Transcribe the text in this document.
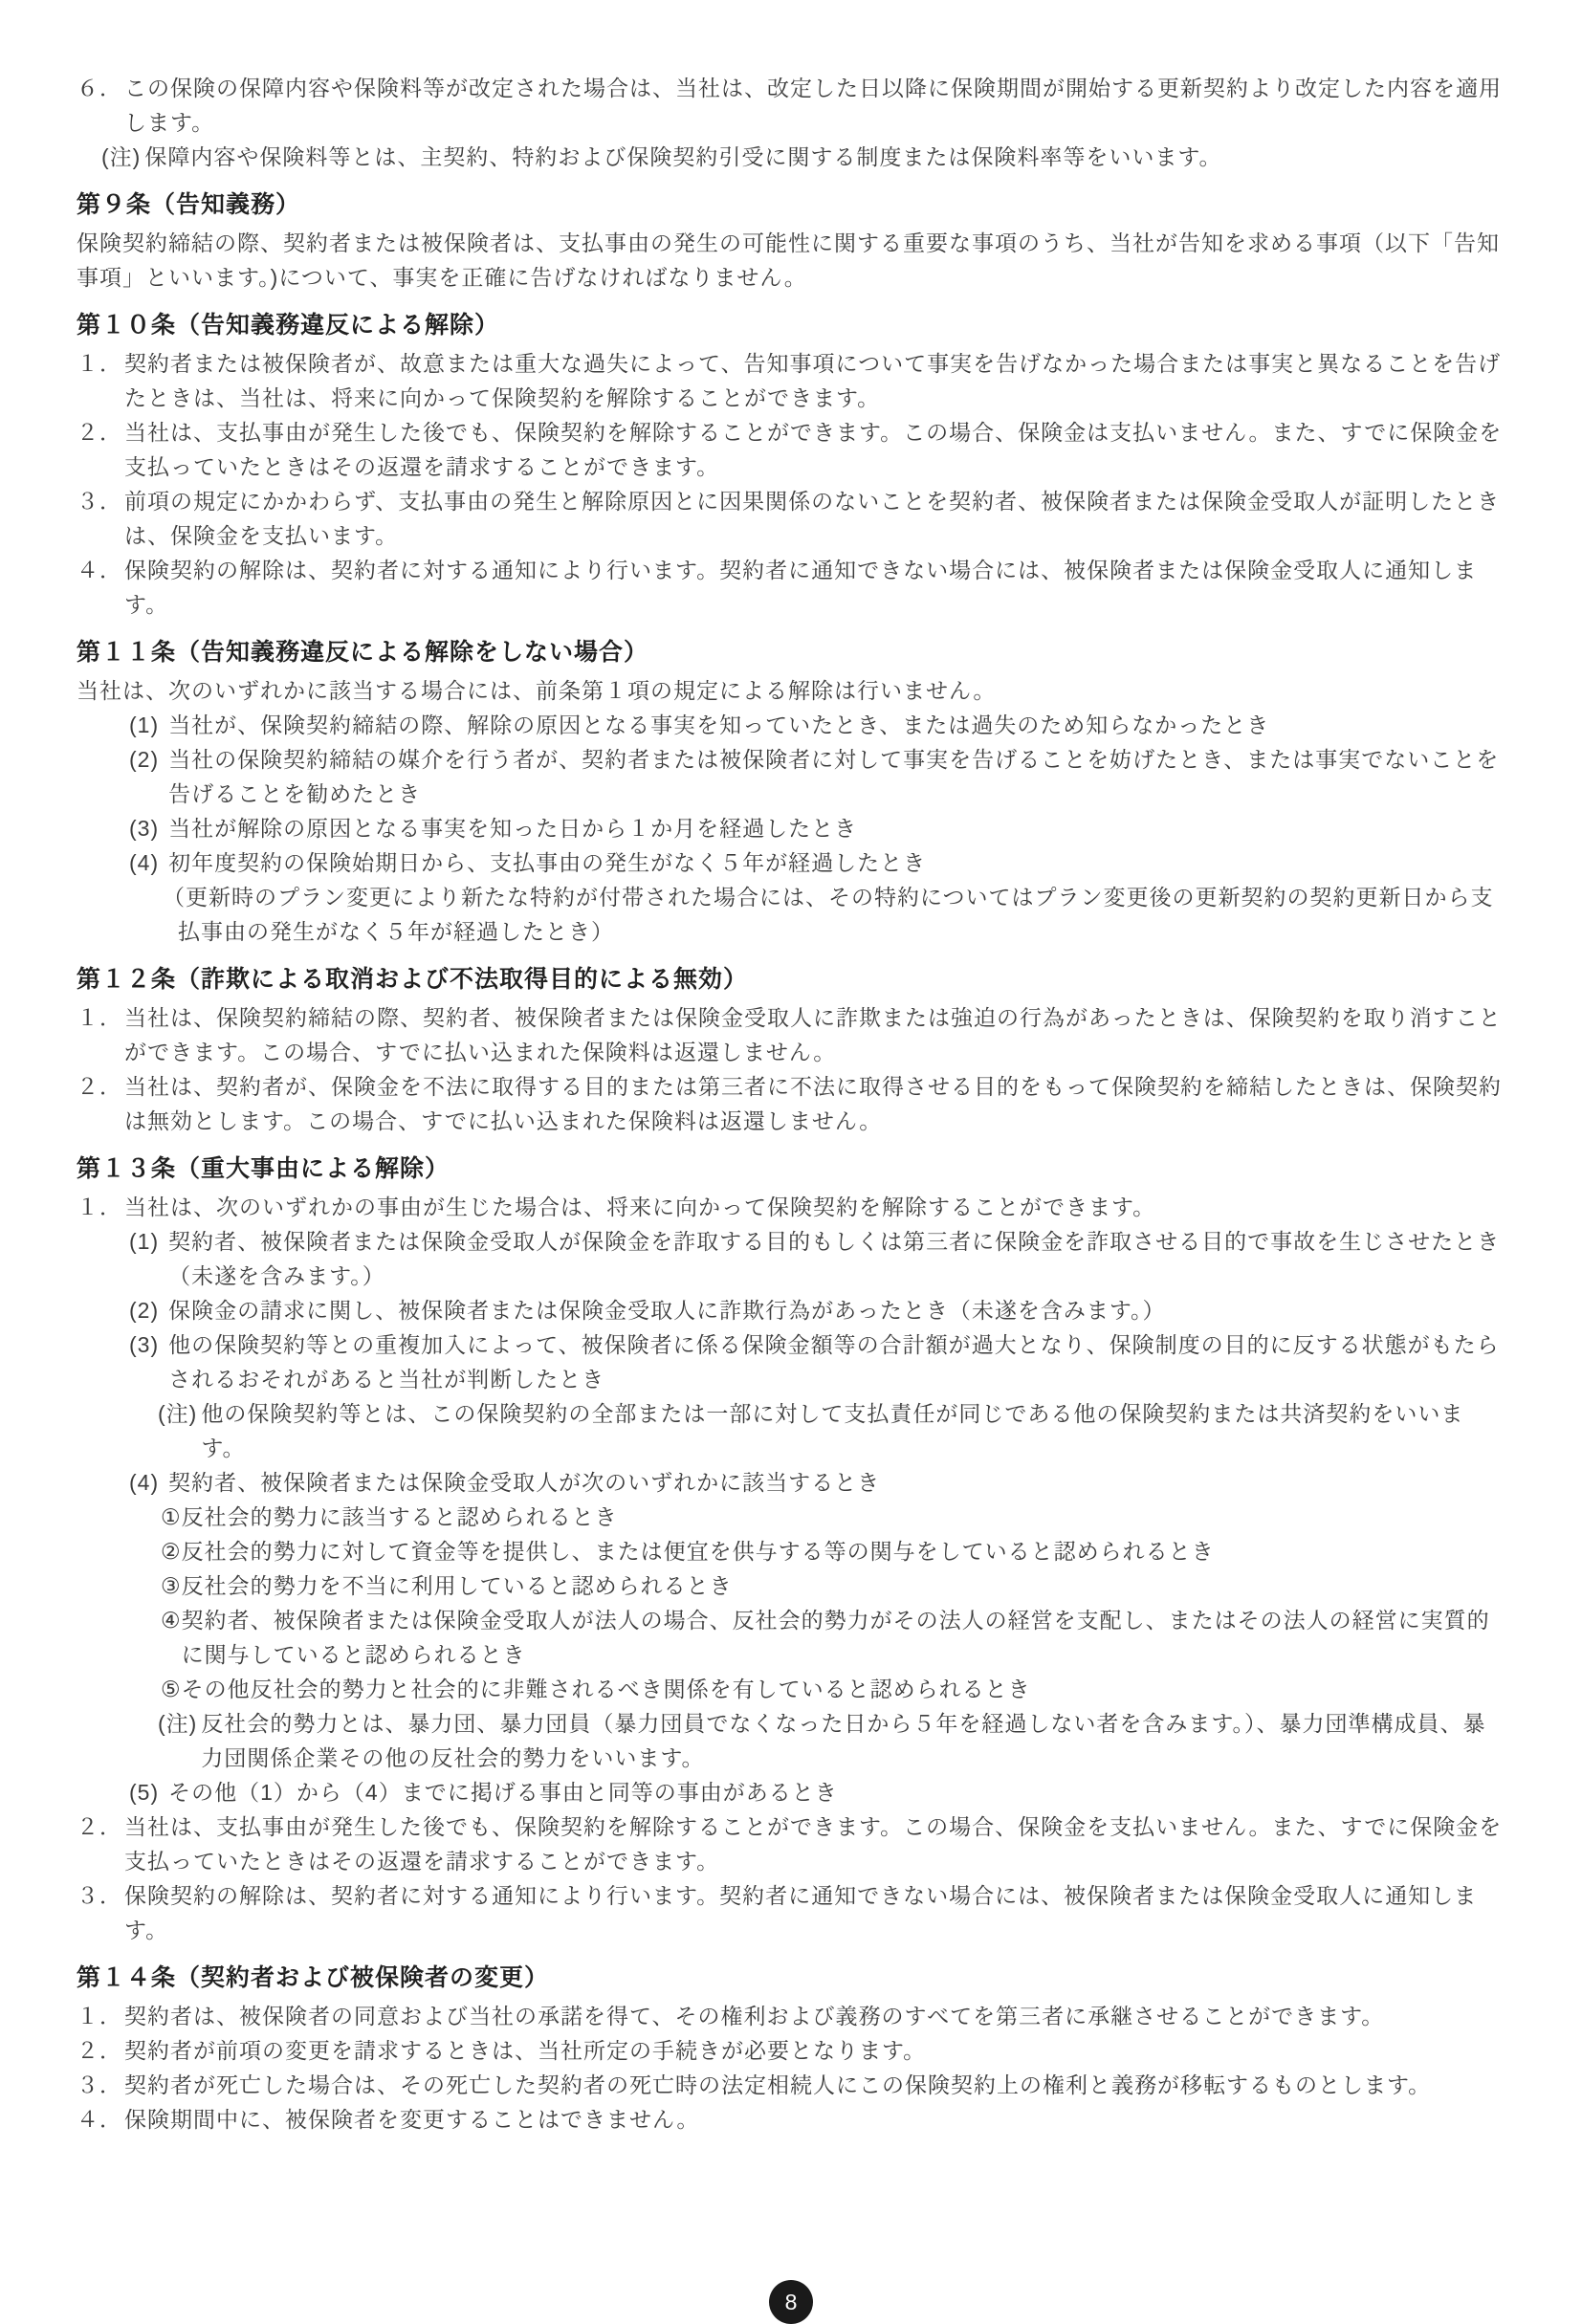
６． この保険の保障内容や保険料等が改定された場合は、当社は、改定した日以降に保険期間が開始する更新契約より改定した内容を適用します。
(注) 保障内容や保険料等とは、主契約、特約および保険契約引受に関する制度または保険料率等をいいます。
第９条（告知義務）
保険契約締結の際、契約者または被保険者は、支払事由の発生の可能性に関する重要な事項のうち、当社が告知を求める事項（以下「告知事項」といいます。)について、事実を正確に告げなければなりません。
第１０条（告知義務違反による解除）
１． 契約者または被保険者が、故意または重大な過失によって、告知事項について事実を告げなかった場合または事実と異なることを告げたときは、当社は、将来に向かって保険契約を解除することができます。
２． 当社は、支払事由が発生した後でも、保険契約を解除することができます。この場合、保険金は支払いません。また、すでに保険金を支払っていたときはその返還を請求することができます。
３． 前項の規定にかかわらず、支払事由の発生と解除原因とに因果関係のないことを契約者、被保険者または保険金受取人が証明したときは、保険金を支払います。
４． 保険契約の解除は、契約者に対する通知により行います。契約者に通知できない場合には、被保険者または保険金受取人に通知します。
第１１条（告知義務違反による解除をしない場合）
当社は、次のいずれかに該当する場合には、前条第１項の規定による解除は行いません。
(1) 当社が、保険契約締結の際、解除の原因となる事実を知っていたとき、または過失のため知らなかったとき
(2) 当社の保険契約締結の媒介を行う者が、契約者または被保険者に対して事実を告げることを妨げたとき、または事実でないことを告げることを勧めたとき
(3) 当社が解除の原因となる事実を知った日から１か月を経過したとき
(4) 初年度契約の保険始期日から、支払事由の発生がなく５年が経過したとき
（更新時のプラン変更により新たな特約が付帯された場合には、その特約についてはプラン変更後の更新契約の契約更新日から支払事由の発生がなく５年が経過したとき）
第１２条（詐欺による取消および不法取得目的による無効）
１． 当社は、保険契約締結の際、契約者、被保険者または保険金受取人に詐欺または強迫の行為があったときは、保険契約を取り消すことができます。この場合、すでに払い込まれた保険料は返還しません。
２． 当社は、契約者が、保険金を不法に取得する目的または第三者に不法に取得させる目的をもって保険契約を締結したときは、保険契約は無効とします。この場合、すでに払い込まれた保険料は返還しません。
第１３条（重大事由による解除）
１． 当社は、次のいずれかの事由が生じた場合は、将来に向かって保険契約を解除することができます。
(1) 契約者、被保険者または保険金受取人が保険金を詐取する目的もしくは第三者に保険金を詐取させる目的で事故を生じさせたとき（未遂を含みます。）
(2) 保険金の請求に関し、被保険者または保険金受取人に詐欺行為があったとき（未遂を含みます。）
(3) 他の保険契約等との重複加入によって、被保険者に係る保険金額等の合計額が過大となり、保険制度の目的に反する状態がもたらされるおそれがあると当社が判断したとき
(注) 他の保険契約等とは、この保険契約の全部または一部に対して支払責任が同じである他の保険契約または共済契約をいいます。
(4) 契約者、被保険者または保険金受取人が次のいずれかに該当するとき
① 反社会的勢力に該当すると認められるとき
② 反社会的勢力に対して資金等を提供し、または便宜を供与する等の関与をしていると認められるとき
③ 反社会的勢力を不当に利用していると認められるとき
④ 契約者、被保険者または保険金受取人が法人の場合、反社会的勢力がその法人の経営を支配し、またはその法人の経営に実質的に関与していると認められるとき
⑤ その他反社会的勢力と社会的に非難されるべき関係を有していると認められるとき
(注) 反社会的勢力とは、暴力団、暴力団員（暴力団員でなくなった日から５年を経過しない者を含みます。）、暴力団準構成員、暴力団関係企業その他の反社会的勢力をいいます。
(5) その他（1）から（4）までに掲げる事由と同等の事由があるとき
２． 当社は、支払事由が発生した後でも、保険契約を解除することができます。この場合、保険金を支払いません。また、すでに保険金を支払っていたときはその返還を請求することができます。
３． 保険契約の解除は、契約者に対する通知により行います。契約者に通知できない場合には、被保険者または保険金受取人に通知します。
第１４条（契約者および被保険者の変更）
１． 契約者は、被保険者の同意および当社の承諾を得て、その権利および義務のすべてを第三者に承継させることができます。
２． 契約者が前項の変更を請求するときは、当社所定の手続きが必要となります。
３． 契約者が死亡した場合は、その死亡した契約者の死亡時の法定相続人にこの保険契約上の権利と義務が移転するものとします。
４． 保険期間中に、被保険者を変更することはできません。
8
